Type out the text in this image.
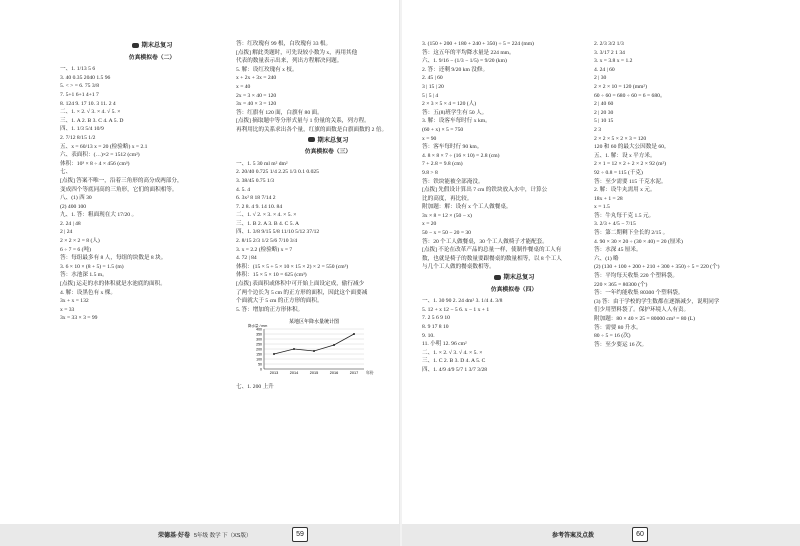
期末总复习
仿真模拟卷（二）
一、1. 1/13 5 6
3. 40 0.35 2040 1.5 96
5. < > = 6. 75 3/8
7. 5+1 6+1 4+1 7
8. 124 9. 17 10. 3 11. 2 4
二、1. × 2. √ 3. × 4. √ 5. ×
三、1. A 2. B 3. C 4. A 5. D
四、1. 1/3 5/4 10/9
2. 7/12 8/15 1/2
五、x = 60/13 x = 20 (检验略) x = 2.1
六、表面积：(…)×2 = 1512 (cm²)
体积：10³ × 8 ÷ 4 × 456 (cm³)
七、
[点拨] 答案不唯一，沿着三角形的高分成两部分，
变成四个等底同高的三角形，它们的面积相等。
八、(1) 西 30
(2) 400 100
九、1. 答：粗面现在大 17/20 。
2. 24 | 48
2 | 24
2 × 2 × 2 = 8 (人)
6 ÷ 7 = 6 (吨)
答：每组最多有 8 人，每组的块数是 8 块。
3. 6 × 10 × (8 + 5) = 1.5 (m)
答：水池深 1.5 m。
[点拨] 运走的水的体积就是水池底的面积。
4. 解：设黑色有 x 棵。
3x + x = 132
x = 33
3x = 33 × 3 = 99
答：红玫瑰有 99 根，白玫瑰有 33 根。
[点拨] 解此类题时，可先设较小数为 x，再用其他
代表的数量表示出来，列出方程解决问题。
5. 解：设红玫瑰有 x 枝。
x + 2x + 3x = 240
x = 40
2x = 3 × 40 = 120
3x = 40 × 3 = 120
答：红旗有 120 面，白旗有 80 面。
[点拨] 摘取题中等分形式量与 1 份量的关系，列方程。
再利用比的关系求出各个量，红旗的面数是白旗面数的 2 倍。
期末总复习
仿真模拟卷（三）
一、1. 5 30 ml m² dm²
2. 20/40 0.725 1/4 2.25 1/3 0.1 0.025
3. 38/45 0.75 1/3
4. 5. 4
6. 3x² 8 18 7/14 2
7. 2 8. 4 9. 14 10. 84
二、1. √ 2. × 3. × 4. × 5. ×
三、1. B 2. A 3. B 4. C 5. A
四、1. 3/8 9/15 5/8 11/10 5/12 37/12
2. 8/15 2/3 1/2 5/6 7/10 3/4
3. x = 2.2 (检验略) x = 7
4. 72 | 84
体积：(15 × 5 + 5 × 10 × 15 × 2) × 2 = 550 (cm³)
体积：15 × 5 × 10 = 625 (cm³)
[点拨] 表面积或体积中可开始上面设定成，偷行减少
了两个边长为 5 cm 的正方形的面积，因此这个面要减
个面就大于 5 cm 的正方形的面积。
5. 答：增加的正方形体积。
某地区年降水量统计图
0
50
100
150
200
250
300
350
400
2013	2014	2015	2016	2017 年份
降水量 / mm
七、1. 200 上升
荣德基·好卷 5年级 数学 下（XS版）	59
3. (150 + 200 + 180 + 240 + 350) ÷ 5 = 224 (mm)
答：这五年的平均降水量是 224 mm。
六、1. 9/16 − (1/3 − 1/5) = 9/20 (km)
2. 答：还剩 9/20 km 没修。
2. 45 | 60
3 | 15 | 20
5 | 5 | 4
2 × 3 × 5 × 4 = 120 (人)
答：五(8)班学生有 50 人。
3. 解：设客车每时行 x km。
(60 + x) × 5 = 750
x = 90
答：客车每时行 90 km。
4. 8 × 8 × 7 ÷ (16 × 10) = 2.8 (cm)
7 + 2.8 = 9.8 (cm)
9.8 > 8
答：铁块能被全部淹没。
[点拨] 先假设计算出 7 cm 的铁块放入水中，计算公
比的高度，再比较。
附加题：解：设有 x 个工人做餐桌。
3x × 8 = 12 × (50 − x)
x = 20
50 − x = 50 − 20 = 30
答：20 个工人做餐桌，30 个工人做椅子才能配套。
[点拨] 不论在改革产品的总量一样，使制作餐桌的工人有
数，也就是椅子的数量要跟餐桌的数量相等，以 8 个工人
与几个工人做的餐桌数相等。
期末总复习
仿真模拟卷（四）
一、1. 30 90 2. 24 dm² 3. 1/4 4. 3/8
5. 12 + x 12 − 5 6. x − 1 x + 1
7. 2 5 6 9 10
8. 9 17 8 10
9. 10.
11. 小明 12. 96 cm²
二、1. × 2. √ 3. √ 4. × 5. ×
三、1. C 2. B 3. D 4. A 5. C
四、1. 4/9 4/9 5/7 1 3/7 3/28
2. 2/3 3/2 1/3
3. 3/17 2 1 34
3. x = 3.8 x = 1.2
4. 24 | 60
2 | 30
2 × 2 × 10 = 120 (mm²)
60 ÷ 60 = 680 ÷ 60 = 6 = 680。
2 | 40 60
2 | 20 30
5 | 10 15
2 3
2 × 2 × 5 × 2 × 3 = 120
120 和 60 的最大公因数是 60。
五、1. 解：设 x 平方米。
2 × 1 = 12 × 2 + 2 × 2 × 92 (m²)
92 ÷ 0.8 = 115 (千克)
答：至少需要 115 千克水泥。
2. 解：设牛丸需用 x 元。
18x + 1 = 28
x = 1.5
答：牛丸每千克 1.5 元。
3. 2/3 + 4/5 − 7/15
答：第二期剩下全长的 2/15 。
4. 90 × 30 × 20 ÷ (30 × 40) = 20 (厘米)
答：水深 45 厘米。
六、(1) 略
(2) (130 + 100 + 200 + 210 + 300 + 350) ÷ 5 = 220 (个)
答：平均每天收集 220 个塑料袋。
220 × 365 = 80300 (个)
答：一年约能收集 80300 个塑料袋。
(3) 答：由于学校的学生数都在逐渐减少，说明同学
们少用塑料袋了。保护环境人人有责。
附加题：80 × 40 × 25 = 80000 cm³ = 80 (L)
答：需要 80 升水。
80 ÷ 5 = 16 (次)
答：至少要运 16 次。
参考答案及点拨	60
